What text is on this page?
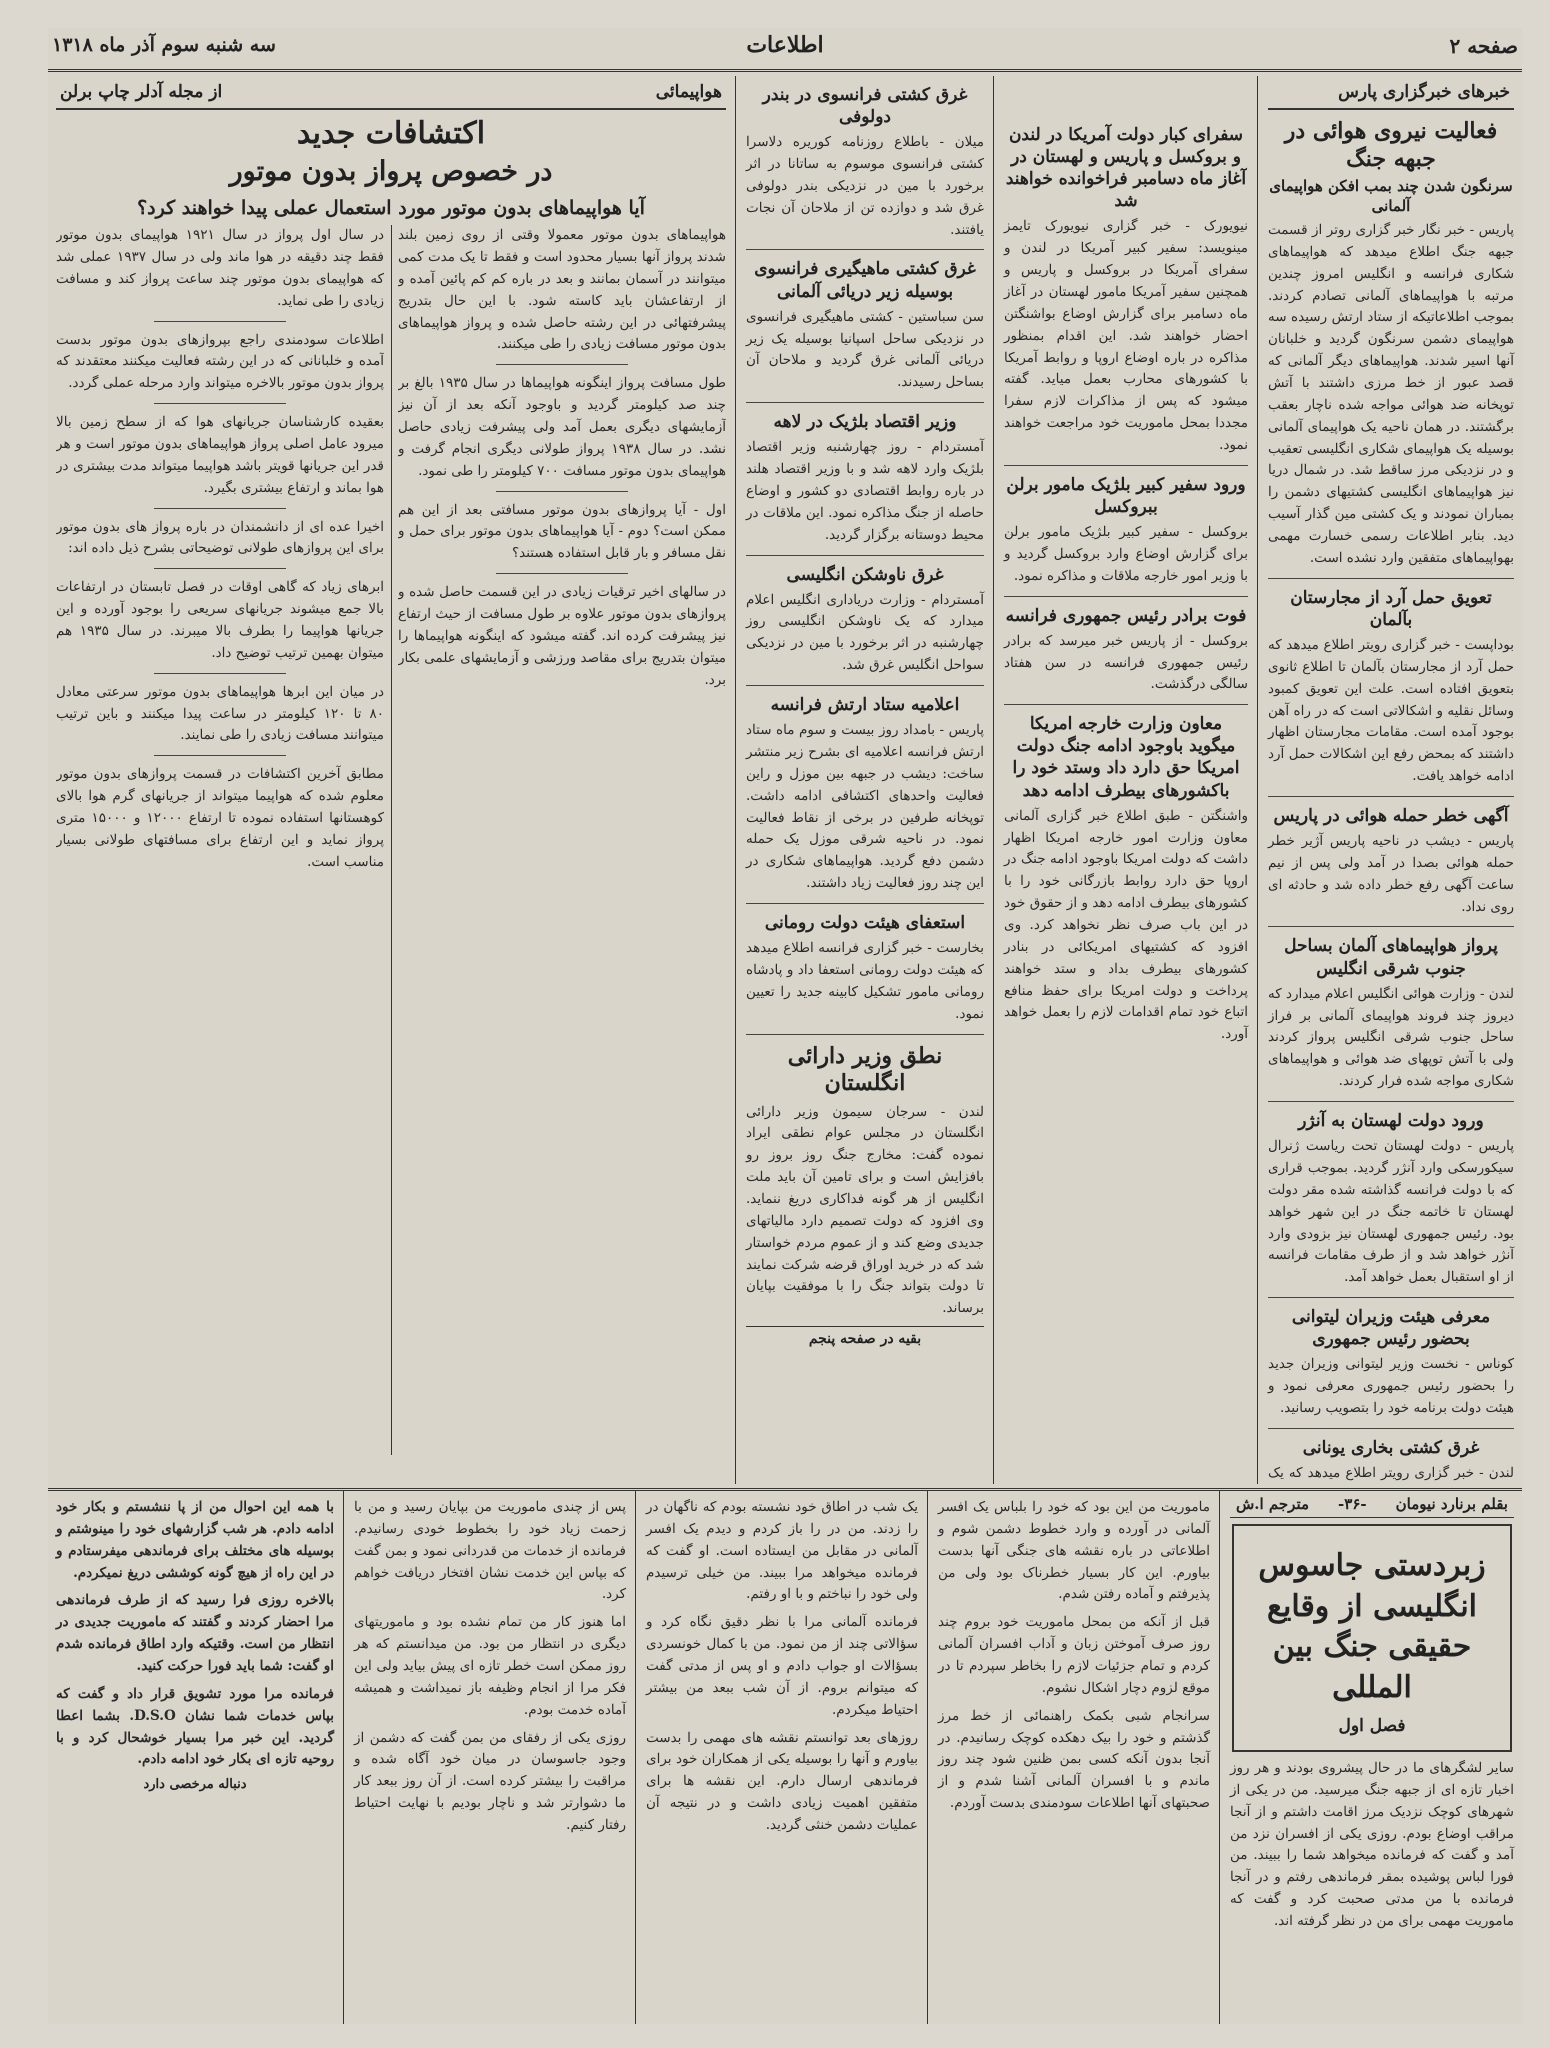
صفحه ۲
اطلاعات
سه شنبه سوم آذر ماه ۱۳۱۸
خبرهای خبرگزاری پارس
فعالیت نیروی هوائی در جبهه جنگ
سرنگون شدن چند بمب افکن هواپیمای آلمانی
پاریس - خبر نگار خبر گزاری روتر از قسمت جبهه جنگ اطلاع میدهد که هواپیماهای شکاری فرانسه و انگلیس امروز چندین مرتبه با هواپیماهای آلمانی تصادم کردند. بموجب اطلاعاتیکه از ستاد ارتش رسیده سه هواپیمای دشمن سرنگون گردید و خلبانان آنها اسیر شدند. هواپیماهای دیگر آلمانی که قصد عبور از خط مرزی داشتند با آتش توپخانه ضد هوائی مواجه شده ناچار بعقب برگشتند. در همان ناحیه یک هواپیمای آلمانی بوسیله یک هواپیمای شکاری انگلیسی تعقیب و در نزدیکی مرز ساقط شد. در شمال دریا نیز هواپیماهای انگلیسی کشتیهای دشمن را بمباران نمودند و یک کشتی مین گذار آسیب دید. بنابر اطلاعات رسمی خسارت مهمی بهواپیماهای متفقین وارد نشده است.
تعویق حمل آرد از مجارستان بآلمان
بوداپست - خبر گزاری رویتر اطلاع میدهد که حمل آرد از مجارستان بآلمان تا اطلاع ثانوی بتعویق افتاده است. علت این تعویق کمبود وسائل نقلیه و اشکالاتی است که در راه آهن بوجود آمده است. مقامات مجارستان اظهار داشتند که بمحض رفع این اشکالات حمل آرد ادامه خواهد یافت.
آگهی خطر حمله هوائی در پاریس
پاریس - دیشب در ناحیه پاریس آژیر خطر حمله هوائی بصدا در آمد ولی پس از نیم ساعت آگهی رفع خطر داده شد و حادثه ای روی نداد.
پرواز هواپیماهای آلمان بساحل جنوب شرقی انگلیس
لندن - وزارت هوائی انگلیس اعلام میدارد که دیروز چند فروند هواپیمای آلمانی بر فراز ساحل جنوب شرقی انگلیس پرواز کردند ولی با آتش توپهای ضد هوائی و هواپیماهای شکاری مواجه شده فرار کردند.
ورود دولت لهستان به آنژر
پاریس - دولت لهستان تحت ریاست ژنرال سیکورسکی وارد آنژر گردید. بموجب قراری که با دولت فرانسه گذاشته شده مقر دولت لهستان تا خاتمه جنگ در این شهر خواهد بود. رئیس جمهوری لهستان نیز بزودی وارد آنژر خواهد شد و از طرف مقامات فرانسه از او استقبال بعمل خواهد آمد.
معرفی هیئت وزیران لیتوانی بحضور رئیس جمهوری
کوناس - نخست وزیر لیتوانی وزیران جدید را بحضور رئیس جمهوری معرفی نمود و هیئت دولت برنامه خود را بتصویب رسانید.
غرق کشتی بخاری یونانی
لندن - خبر گزاری رویتر اطلاع میدهد که یک
سفرای کبار دولت آمریکا در لندن و بروکسل و پاریس و لهستان در آغاز ماه دسامبر فراخوانده خواهند شد
نیویورک - خبر گزاری نیویورک تایمز مینویسد: سفیر کبیر آمریکا در لندن و سفرای آمریکا در بروکسل و پاریس و همچنین سفیر آمریکا مامور لهستان در آغاز ماه دسامبر برای گزارش اوضاع بواشنگتن احضار خواهند شد. این اقدام بمنظور مذاکره در باره اوضاع اروپا و روابط آمریکا با کشورهای محارب بعمل میاید. گفته میشود که پس از مذاکرات لازم سفرا مجددا بمحل ماموریت خود مراجعت خواهند نمود.
ورود سفیر کبیر بلژیک مامور برلن ببروکسل
بروکسل - سفیر کبیر بلژیک مامور برلن برای گزارش اوضاع وارد بروکسل گردید و با وزیر امور خارجه ملاقات و مذاکره نمود.
فوت برادر رئیس جمهوری فرانسه
بروکسل - از پاریس خبر میرسد که برادر رئیس جمهوری فرانسه در سن هفتاد سالگی درگذشت.
معاون وزارت خارجه امریکا میگوید باوجود ادامه جنگ دولت امریکا حق دارد داد وستد خود را باکشورهای بیطرف ادامه دهد
واشنگتن - طبق اطلاع خبر گزاری آلمانی معاون وزارت امور خارجه امریکا اظهار داشت که دولت امریکا باوجود ادامه جنگ در اروپا حق دارد روابط بازرگانی خود را با کشورهای بیطرف ادامه دهد و از حقوق خود در این باب صرف نظر نخواهد کرد. وی افزود که کشتیهای امریکائی در بنادر کشورهای بیطرف بداد و ستد خواهند پرداخت و دولت امریکا برای حفظ منافع اتباع خود تمام اقدامات لازم را بعمل خواهد آورد.
غرق کشتی فرانسوی در بندر دولوفی
میلان - باطلاع روزنامه کوریره دلاسرا کشتی فرانسوی موسوم به ساتانا در اثر برخورد با مین در نزدیکی بندر دولوفی غرق شد و دوازده تن از ملاحان آن نجات یافتند.
غرق کشتی ماهیگیری فرانسوی بوسیله زیر دریائی آلمانی
سن سباستین - کشتی ماهیگیری فرانسوی در نزدیکی ساحل اسپانیا بوسیله یک زیر دریائی آلمانی غرق گردید و ملاحان آن بساحل رسیدند.
وزیر اقتصاد بلژیک در لاهه
آمستردام - روز چهارشنبه وزیر اقتصاد بلژیک وارد لاهه شد و با وزیر اقتصاد هلند در باره روابط اقتصادی دو کشور و اوضاع حاصله از جنگ مذاکره نمود. این ملاقات در محیط دوستانه برگزار گردید.
غرق ناوشکن انگلیسی
آمستردام - وزارت دریاداری انگلیس اعلام میدارد که یک ناوشکن انگلیسی روز چهارشنبه در اثر برخورد با مین در نزدیکی سواحل انگلیس غرق شد.
اعلامیه ستاد ارتش فرانسه
پاریس - بامداد روز بیست و سوم ماه ستاد ارتش فرانسه اعلامیه ای بشرح زیر منتشر ساخت: دیشب در جبهه بین موزل و راین فعالیت واحدهای اکتشافی ادامه داشت. توپخانه طرفین در برخی از نقاط فعالیت نمود. در ناحیه شرقی موزل یک حمله دشمن دفع گردید. هواپیماهای شکاری در این چند روز فعالیت زیاد داشتند.
استعفای هیئت دولت رومانی
بخارست - خبر گزاری فرانسه اطلاع میدهد که هیئت دولت رومانی استعفا داد و پادشاه رومانی مامور تشکیل کابینه جدید را تعیین نمود.
نطق وزیر دارائی انگلستان
لندن - سرجان سیمون وزیر دارائی انگلستان در مجلس عوام نطقی ایراد نموده گفت: مخارج جنگ روز بروز رو بافزایش است و برای تامین آن باید ملت انگلیس از هر گونه فداکاری دریغ ننماید. وی افزود که دولت تصمیم دارد مالیاتهای جدیدی وضع کند و از عموم مردم خواستار شد که در خرید اوراق قرضه شرکت نمایند تا دولت بتواند جنگ را با موفقیت بپایان برساند.
بقیه در صفحه پنجم
هواپیمائی
از مجله آدلر چاپ برلن
اکتشافات جدید
در خصوص پرواز بدون موتور
آیا هواپیماهای بدون موتور مورد استعمال عملی پیدا خواهند کرد؟
هواپیماهای بدون موتور معمولا وقتی از روی زمین بلند شدند پرواز آنها بسیار محدود است و فقط تا یک مدت کمی میتوانند در آسمان بمانند و بعد در باره کم کم پائین آمده و از ارتفاعشان باید کاسته شود. با این حال بتدریج پیشرفتهائی در این رشته حاصل شده و پرواز هواپیماهای بدون موتور مسافت زیادی را طی میکنند.
طول مسافت پرواز اینگونه هواپیماها در سال ۱۹۳۵ بالغ بر چند صد کیلومتر گردید و باوجود آنکه بعد از آن نیز آزمایشهای دیگری بعمل آمد ولی پیشرفت زیادی حاصل نشد. در سال ۱۹۳۸ پرواز طولانی دیگری انجام گرفت و هواپیمای بدون موتور مسافت ۷۰۰ کیلومتر را طی نمود.
اول - آیا پروازهای بدون موتور مسافتی بعد از این هم ممکن است؟ دوم - آیا هواپیماهای بدون موتور برای حمل و نقل مسافر و بار قابل استفاده هستند؟
در سالهای اخیر ترقیات زیادی در این قسمت حاصل شده و پروازهای بدون موتور علاوه بر طول مسافت از حیث ارتفاع نیز پیشرفت کرده اند. گفته میشود که اینگونه هواپیماها را میتوان بتدریج برای مقاصد ورزشی و آزمایشهای علمی بکار برد.
در سال اول پرواز در سال ۱۹۲۱ هواپیمای بدون موتور فقط چند دقیقه در هوا ماند ولی در سال ۱۹۳۷ عملی شد که هواپیمای بدون موتور چند ساعت پرواز کند و مسافت زیادی را طی نماید.
اطلاعات سودمندی راجع بپروازهای بدون موتور بدست آمده و خلبانانی که در این رشته فعالیت میکنند معتقدند که پرواز بدون موتور بالاخره میتواند وارد مرحله عملی گردد.
بعقیده کارشناسان جریانهای هوا که از سطح زمین بالا میرود عامل اصلی پرواز هواپیماهای بدون موتور است و هر قدر این جریانها قویتر باشد هواپیما میتواند مدت بیشتری در هوا بماند و ارتفاع بیشتری بگیرد.
اخیرا عده ای از دانشمندان در باره پرواز های بدون موتور برای این پروازهای طولانی توضیحاتی بشرح ذیل داده اند:
ابرهای زیاد که گاهی اوقات در فصل تابستان در ارتفاعات بالا جمع میشوند جریانهای سریعی را بوجود آورده و این جریانها هواپیما را بطرف بالا میبرند. در سال ۱۹۳۵ هم میتوان بهمین ترتیب توضیح داد.
در میان این ابرها هواپیماهای بدون موتور سرعتی معادل ۸۰ تا ۱۲۰ کیلومتر در ساعت پیدا میکنند و باین ترتیب میتوانند مسافت زیادی را طی نمایند.
مطابق آخرین اکتشافات در قسمت پروازهای بدون موتور معلوم شده که هواپیما میتواند از جریانهای گرم هوا بالای کوهستانها استفاده نموده تا ارتفاع ۱۲۰۰۰ و ۱۵۰۰۰ متری پرواز نماید و این ارتفاع برای مسافتهای طولانی بسیار مناسب است.
بقلم برنارد نیومان
-۳۶-
مترجم ا.ش
زبردستی جاسوس انگلیسی از وقایع حقیقی جنگ بین المللی
فصل اول
سایر لشگرهای ما در حال پیشروی بودند و هر روز اخبار تازه ای از جبهه جنگ میرسید. من در یکی از شهرهای کوچک نزدیک مرز اقامت داشتم و از آنجا مراقب اوضاع بودم. روزی یکی از افسران نزد من آمد و گفت که فرمانده میخواهد شما را ببیند. من فورا لباس پوشیده بمقر فرماندهی رفتم و در آنجا فرمانده با من مدتی صحبت کرد و گفت که ماموریت مهمی برای من در نظر گرفته اند.
ماموریت من این بود که خود را بلباس یک افسر آلمانی در آورده و وارد خطوط دشمن شوم و اطلاعاتی در باره نقشه های جنگی آنها بدست بیاورم. این کار بسیار خطرناک بود ولی من پذیرفتم و آماده رفتن شدم.
قبل از آنکه من بمحل ماموریت خود بروم چند روز صرف آموختن زبان و آداب افسران آلمانی کردم و تمام جزئیات لازم را بخاطر سپردم تا در موقع لزوم دچار اشکال نشوم.
سرانجام شبی بکمک راهنمائی از خط مرز گذشتم و خود را بیک دهکده کوچک رسانیدم. در آنجا بدون آنکه کسی بمن ظنین شود چند روز ماندم و با افسران آلمانی آشنا شدم و از صحبتهای آنها اطلاعات سودمندی بدست آوردم.
یک شب در اطاق خود نشسته بودم که ناگهان در را زدند. من در را باز کردم و دیدم یک افسر آلمانی در مقابل من ایستاده است. او گفت که فرمانده میخواهد مرا ببیند. من خیلی ترسیدم ولی خود را نباختم و با او رفتم.
فرمانده آلمانی مرا با نظر دقیق نگاه کرد و سؤالاتی چند از من نمود. من با کمال خونسردی بسؤالات او جواب دادم و او پس از مدتی گفت که میتوانم بروم. از آن شب ببعد من بیشتر احتیاط میکردم.
روزهای بعد توانستم نقشه های مهمی را بدست بیاورم و آنها را بوسیله یکی از همکاران خود برای فرماندهی ارسال دارم. این نقشه ها برای متفقین اهمیت زیادی داشت و در نتیجه آن عملیات دشمن خنثی گردید.
پس از چندی ماموریت من بپایان رسید و من با زحمت زیاد خود را بخطوط خودی رسانیدم. فرمانده از خدمات من قدردانی نمود و بمن گفت که بپاس این خدمت نشان افتخار دریافت خواهم کرد.
اما هنوز کار من تمام نشده بود و ماموریتهای دیگری در انتظار من بود. من میدانستم که هر روز ممکن است خطر تازه ای پیش بیاید ولی این فکر مرا از انجام وظیفه باز نمیداشت و همیشه آماده خدمت بودم.
روزی یکی از رفقای من بمن گفت که دشمن از وجود جاسوسان در میان خود آگاه شده و مراقبت را بیشتر کرده است. از آن روز ببعد کار ما دشوارتر شد و ناچار بودیم با نهایت احتیاط رفتار کنیم.
با همه این احوال من از پا ننشستم و بکار خود ادامه دادم. هر شب گزارشهای خود را مینوشتم و بوسیله های مختلف برای فرماندهی میفرستادم و در این راه از هیچ گونه کوششی دریغ نمیکردم.
بالاخره روزی فرا رسید که از طرف فرماندهی مرا احضار کردند و گفتند که ماموریت جدیدی در انتظار من است. وقتیکه وارد اطاق فرمانده شدم او گفت: شما باید فورا حرکت کنید.
فرمانده مرا مورد تشویق قرار داد و گفت که بپاس خدمات شما نشان D.S.O. بشما اعطا گردید. این خبر مرا بسیار خوشحال کرد و با روحیه تازه ای بکار خود ادامه دادم.
دنباله مرخصی دارد
